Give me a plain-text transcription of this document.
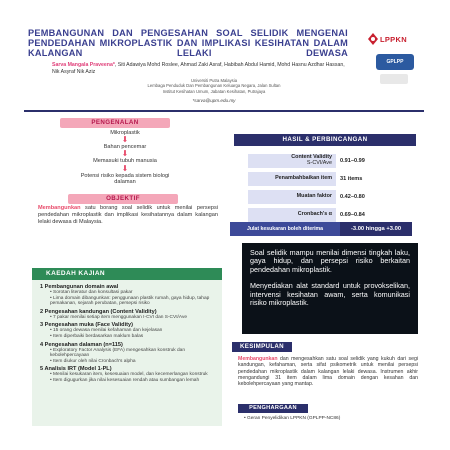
PEMBANGUNAN DAN PENGESAHAN SOAL SELIDIK MENGENAI PENDEDAHAN MIKROPLASTIK DAN IMPLIKASI KESIHATAN DALAM KALANGAN LELAKI DEWASA
Sarva Mangala Praveena*, Siti Adawiya Mohd Roslee, Ahmad Zaki Asraf, Habibah Abdul Hamid, Mohd Hasnu Azdhar Hassan, Nik Asyraf Nik Aziz
Universiti Putra Malaysia
Lembaga Penduduk Dan Pembangunan Keluarga Negara, Jalan Sultan
Institut Kesihatan Umum, Jabatan Kesihatan, Putrajaya
*sarva@upm.edu.my
LPPKN
GPLPP
PENGENALAN
Mikroplastik
⬇
Bahan pencemar
⬇
Memasuki tubuh manusia
⬇
Potensi risiko kepada sistem biologi dalaman
OBJEKTIF
Membangunkan satu borang soal selidik untuk menilai persepsi pendedahan mikroplastik dan implikasi kesihatannya dalam kalangan lelaki dewasa di Malaysia.
KAEDAH KAJIAN
1 Pembangunan domain awal
• Sorotan literatur dan konsultasi pakar
• Lima domain dibangunkan: penggunaan plastik rumah, gaya hidup, tahap pemakanan, sejarah perubatan, persepsi risiko
2 Pengesahan kandungan (Content Validity)
• 7 pakar menilai setiap item menggunakan I-CVI dan S-CVI/Ave
3 Pengesahan muka (Face Validity)
• 15 orang dewasa menilai kefahaman dan kejelasan
• Item diperbaiki berdasarkan maklum balas
4 Pengesahan dalaman (n=115)
• Exploratory Factor Analysis (EFA) mengesahkan konstruk dan kebolehpercayaan
• Item diukur oleh nilai Cronbach's alpha
5 Analisis IRT (Model 1-PL)
• Menilai kesukaran item, kesesuaian model, dan kecemerlangan konstruk
• Item digugurkan jika nilai kesesuaian rendah atau sumbangan lemah
HASIL & PERBINCANGAN
Content Validity
S-CVI/Ave	0.91–0.99
Penambahbaikan item	31 items
Muatan faktor	0.42–0.80
Cronbach's α	0.69–0.84
Julat kesukaran boleh diterima	-3.00 hingga +3.00

Soal selidik mampu menilai dimensi tingkah laku, gaya hidup, dan persepsi risiko berkaitan pendedahan mikroplastik.

Menyediakan alat standard untuk provokselikan, intervensi kesihatan awam, serta komunikasi risiko mikroplastik.

KESIMPULAN
Membangunkan dan mengesahkan satu soal selidik yang kukuh dari segi kandungan, kefahaman, serta sifat psikometrik untuk menilai persepsi pendedahan mikroplastik dalam kalangan lelaki dewasa. Instrumen akhir mengandungi 31 item dalam lima domain dengan kesahan dan kebolehpercayaan yang mantap.
PENGHARGAAN
• Geran Penyelidikan LPPKN (GPLPP-NC86)
